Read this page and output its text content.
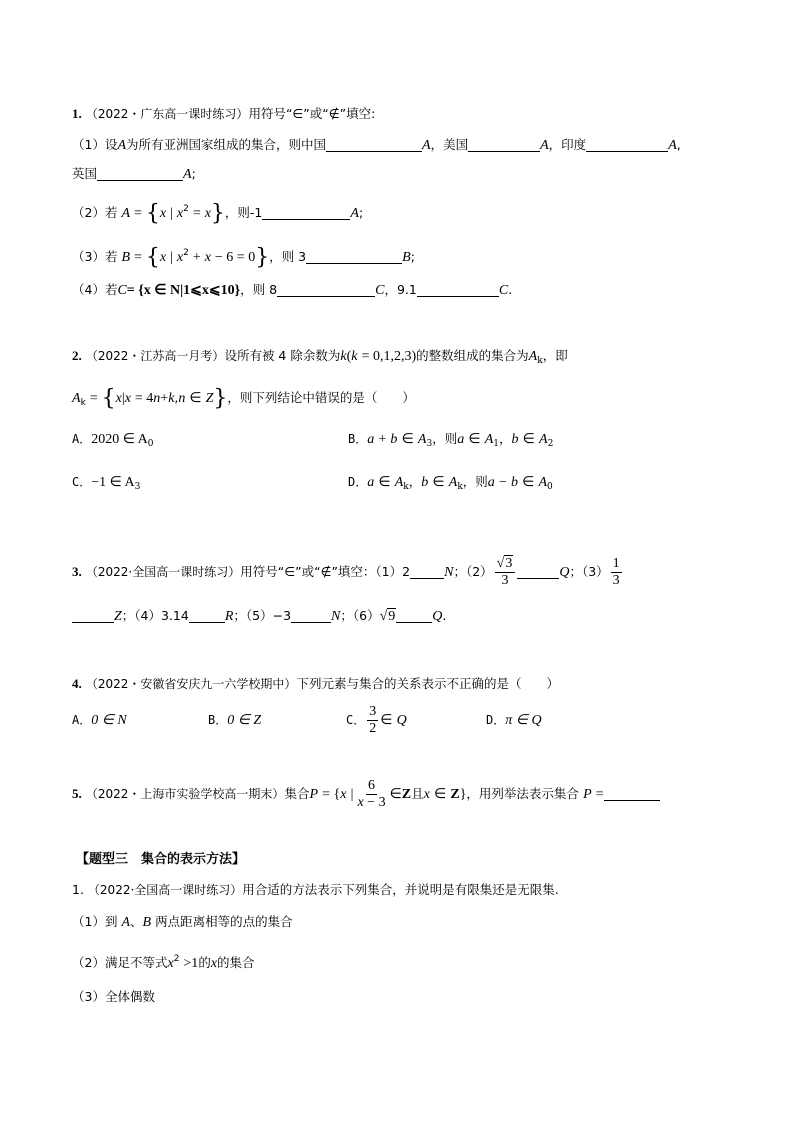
1. （2022・广东高一课时练习）用符号“∈”或“∉”填空:
（1）设A为所有亚洲国家组成的集合，则中国	A，美国	A，印度	A,
英国	A;
（2）若 A = {x | $x^2 = x$}，则-1	A;
（3）若 B = {x | $x^2 + x - 6 = 0$}，则 3	B;
（4）若C= {x ∈ N|1⩽x⩽10}，则 8	C，9.1	C.
2. （2022・江苏高一月考）设所有被 4 除余数为k(k = 0,1,2,3)的整数组成的集合为$A_k$，即
$A_k = \{x|x = 4n+k,n$ ∈ Z}，则下列结论中错误的是（　　）
A．2020 ∈ $A_0$	B．a + b ∈ $A_3$，则a ∈ $A_1$，b ∈ $A_2$
C．−1 ∈ $A_3$	D．a ∈ $A_k$，b ∈ $A_k$，则a − b ∈ $A_0$
3. （2022·全国高一课时练习）用符号“∈”或“∉”填空：（1）2 N；$(2) \frac{√3}{3}$	Q；$(3) \frac{1}{3}$
Z；（4）3.14	R；（5）−3	N；（6）√9	Q.
4. （2022・安徽省安庆九一六学校期中）下列元素与集合的关系表示不正确的是（　　）
A．0 ∈ N	B．0 ∈ Z	C． $\frac{3}{2}$ ∈ Q	D．π ∈ Q
5. （2022・上海市实验学校高一期末）集合P = {x | $\frac{6}{x - 3}$ ∈Z且x ∈ Z}，用列举法表示集合 P =
【题型三　集合的表示方法】
1. （2022·全国高一课时练习）用合适的方法表示下列集合，并说明是有限集还是无限集.
（1）到 A、B 两点距离相等的点的集合
（2）满足不等式$x^2 >1$的x的集合
（3）全体偶数
